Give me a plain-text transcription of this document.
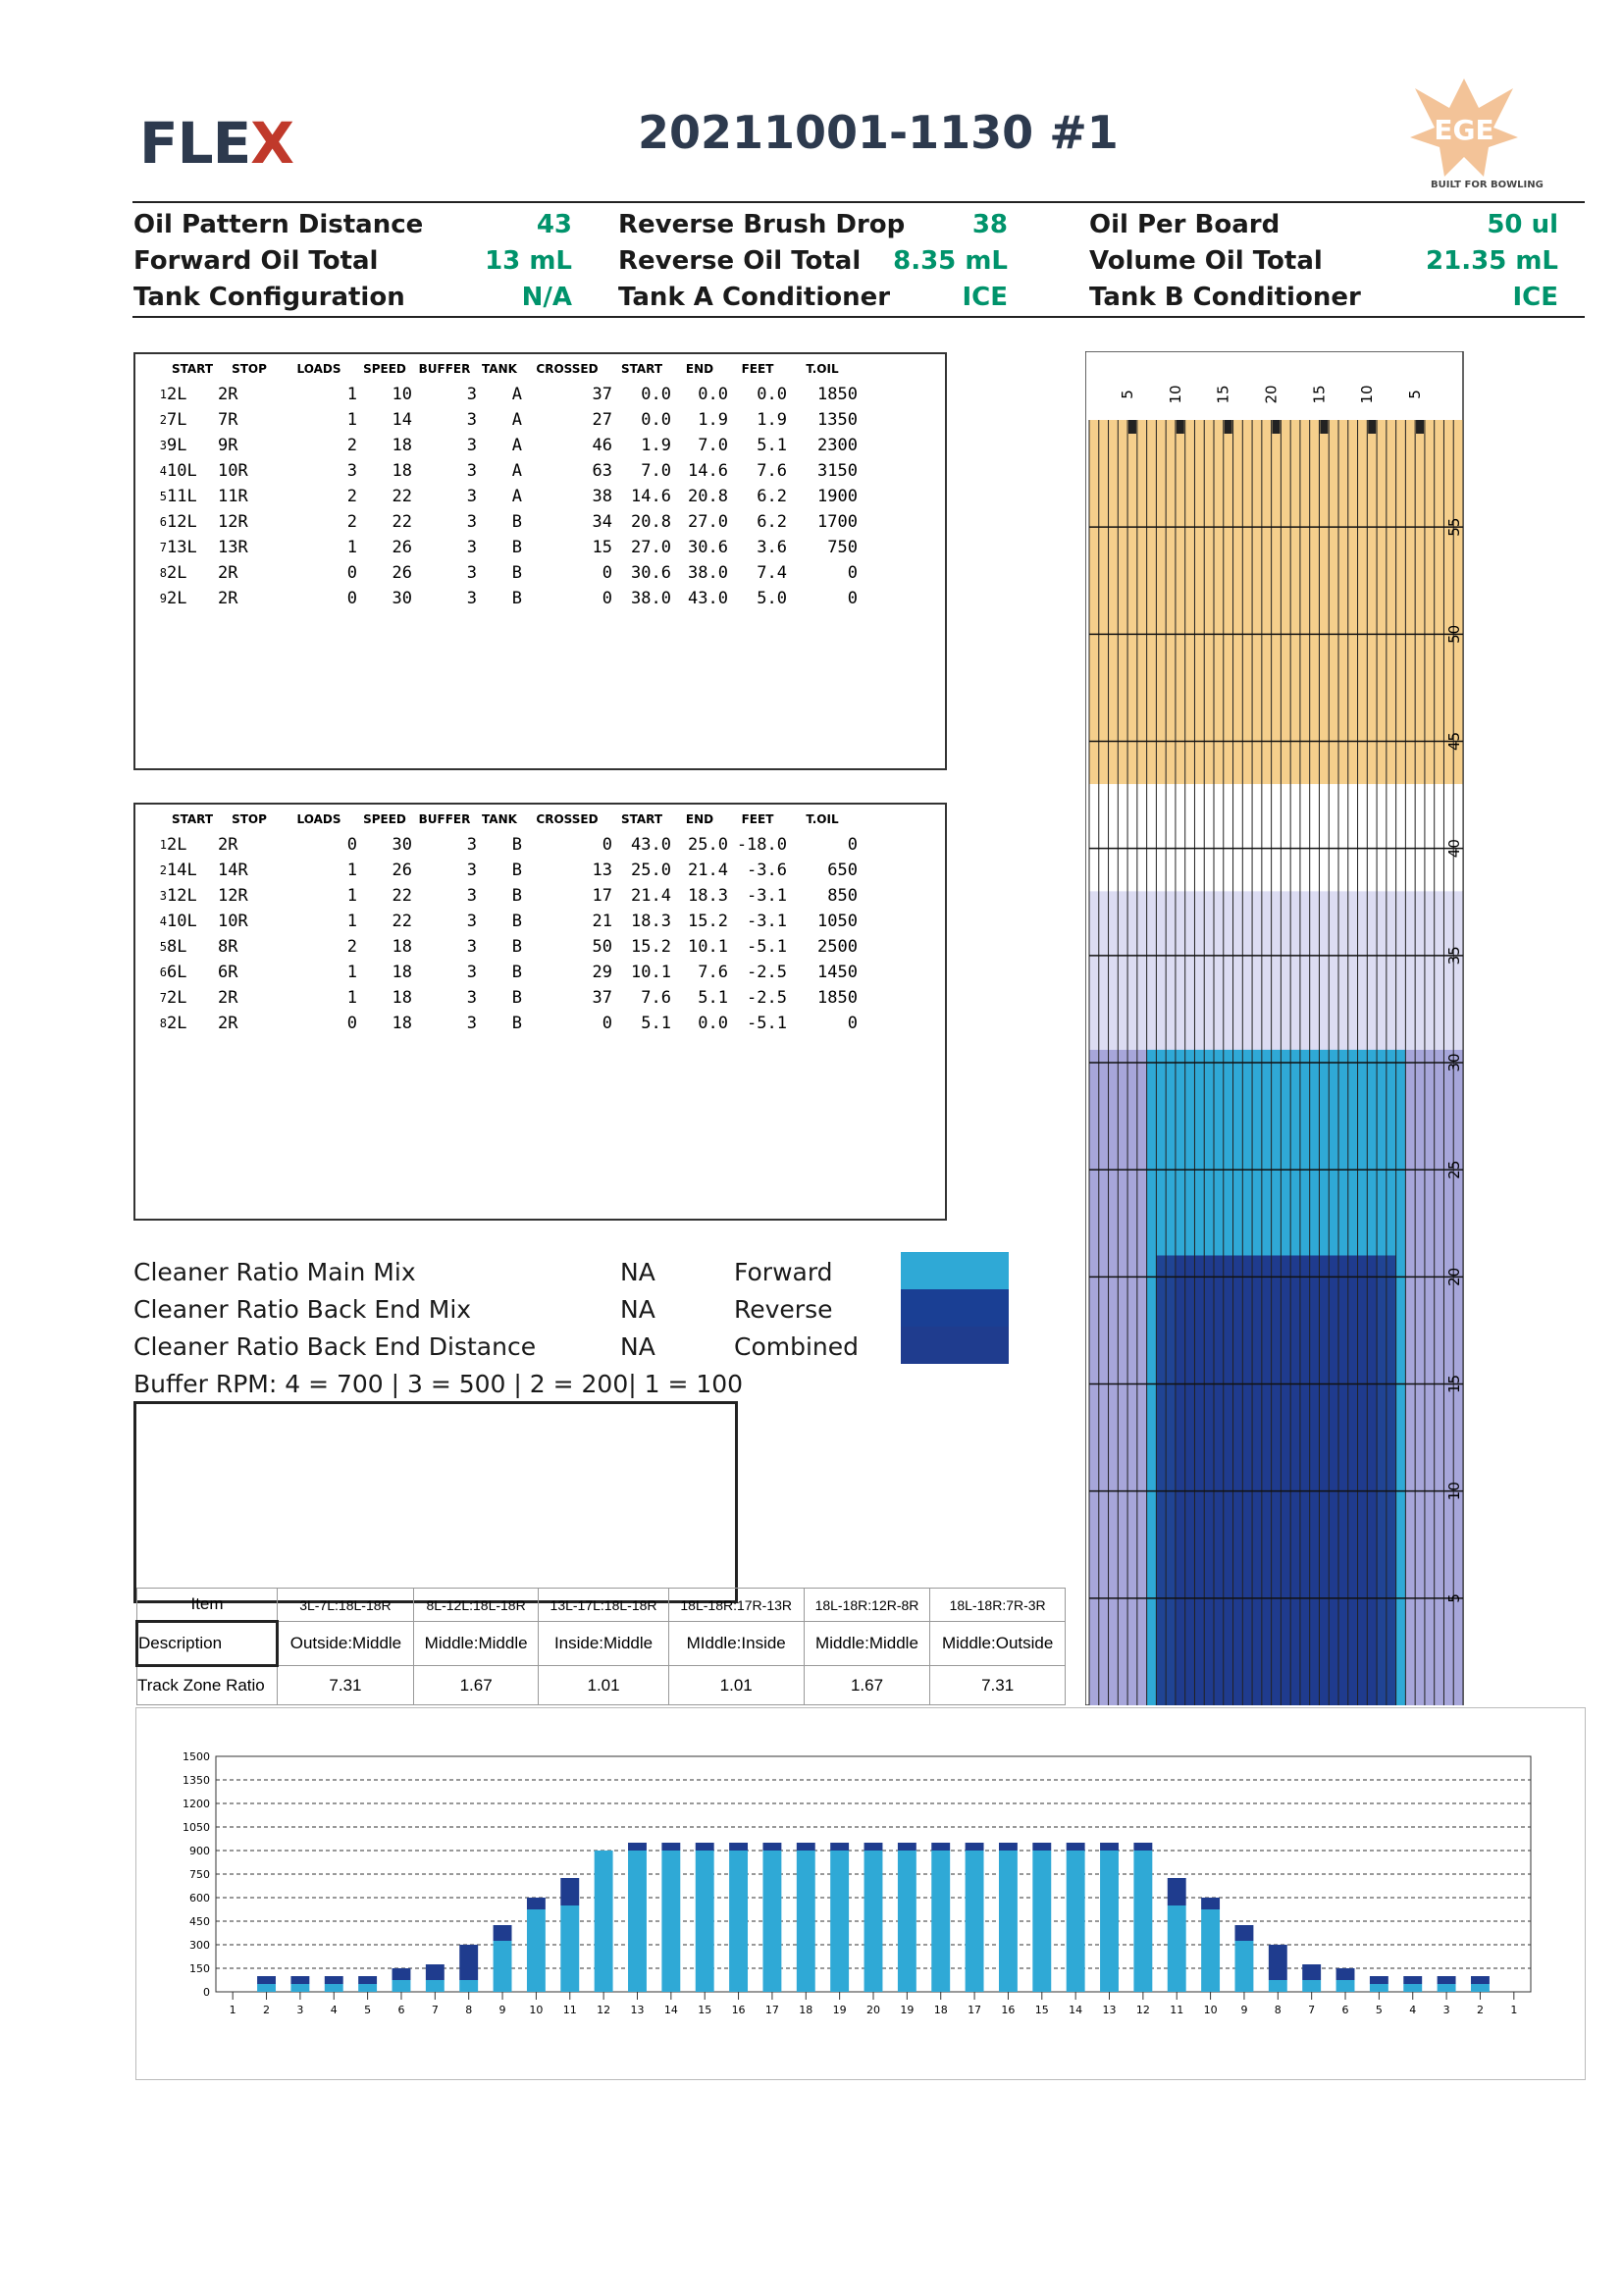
FLEX	20211001-1130 #1	EGE
BUILT FOR BOWLING
Oil Pattern Distance	43
Forward Oil Total	13 mL
Tank Configuration	N/A
Reverse Brush Drop	38
Reverse Oil Total	8.35 mL
Tank A Conditioner	ICE
Oil Per Board	50 ul
Volume Oil Total	21.35 mL
Tank B Conditioner	ICE
	START	STOP	LOADS	SPEED	BUFFER	TANK	CROSSED	START	END	FEET	T.OIL
1	2L	2R	1	10	3	A	37	0.0	0.0	0.0	1850
2	7L	7R	1	14	3	A	27	0.0	1.9	1.9	1350
3	9L	9R	2	18	3	A	46	1.9	7.0	5.1	2300
4	10L	10R	3	18	3	A	63	7.0	14.6	7.6	3150
5	11L	11R	2	22	3	A	38	14.6	20.8	6.2	1900
6	12L	12R	2	22	3	B	34	20.8	27.0	6.2	1700
7	13L	13R	1	26	3	B	15	27.0	30.6	3.6	750
8	2L	2R	0	26	3	B	0	30.6	38.0	7.4	0
9	2L	2R	0	30	3	B	0	38.0	43.0	5.0	0
	START	STOP	LOADS	SPEED	BUFFER	TANK	CROSSED	START	END	FEET	T.OIL
1	2L	2R	0	30	3	B	0	43.0	25.0	-18.0	0
2	14L	14R	1	26	3	B	13	25.0	21.4	-3.6	650
3	12L	12R	1	22	3	B	17	21.4	18.3	-3.1	850
4	10L	10R	1	22	3	B	21	18.3	15.2	-3.1	1050
5	8L	8R	2	18	3	B	50	15.2	10.1	-5.1	2500
6	6L	6R	1	18	3	B	29	10.1	7.6	-2.5	1450
7	2L	2R	1	18	3	B	37	7.6	5.1	-2.5	1850
8	2L	2R	0	18	3	B	0	5.1	0.0	-5.1	0
Cleaner Ratio Main Mix	NA
Cleaner Ratio Back End Mix	NA
Cleaner Ratio Back End Distance	NA
Buffer RPM: 4 = 700 | 3 = 500 | 2 = 200| 1 = 100
Forward
Reverse
Combined
Item	3L-7L:18L-18R	8L-12L:18L-18R	13L-17L:18L-18R	18L-18R:17R-13R	18L-18R:12R-8R	18L-18R:7R-3R
Description	Outside:Middle	Middle:Middle	Inside:Middle	MIddle:Inside	Middle:Middle	Middle:Outside
Track Zone Ratio	7.31	1.67	1.01	1.01	1.67	7.31
5
10
15
20
25
30
35
40
45
50
55
5 10 15 20 15 10 5
0
150
300
450
600
750
900
1050
1200
1350
1500
1 2 3 4 5 6 7 8 9 10 11 12 13 14 15 16 17 18 19 20 19 18 17 16 15 14 13 12 11 10 9 8 7 6 5 4 3 2 1
